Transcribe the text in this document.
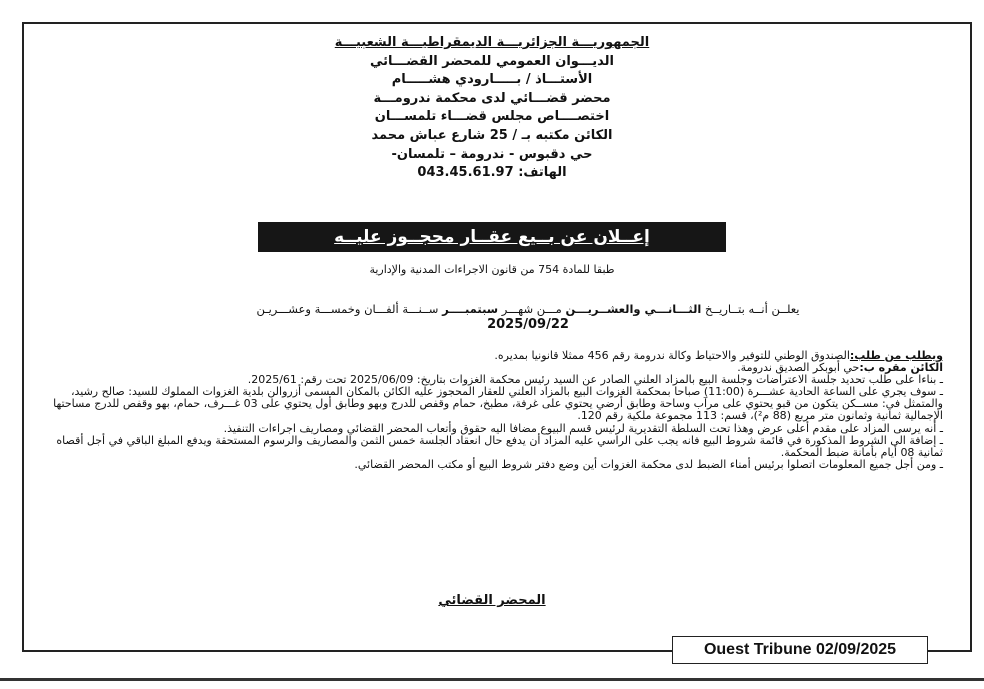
الجمهوريـــة الجزائريـــة الديمقراطيـــة الشعبيـــة
الديـــوان العمومي للمحضر القضـــائي
الأستـــاذ / بـــــارودي هشـــــام
محضر قضـــائي لدى محكمة ندرومـــة
اختصــــاص مجلس قضـــاء تلمســـان
الكائن مكتبه بـ / 25 شارع عباش محمد
حي دقبوس - ندرومة – تلمسان-
الهاتف: 043.45.61.97
إعــلان عن بــيع عقــار محجــوز عليــه
طبقا للمادة 754 من قانون الاجراءات المدنية والإدارية
يعلــن أنــه بتــاريــخ الثـــانـــي والعشــريـــن مـــن شهـــر سبتمبــــر ســنـــة ألفـــان وخمســـة وعشـــريـن
2025/09/22

ويطلب من طلب:الصندوق الوطني للتوفير والاحتياط وكالة ندرومة رقم 456 ممثلا قانونيا بمديره.

الكائن مقره ب:حي أبوبكر الصديق ندرومة.

ـ بناءا على طلب تحديد جلسة الاعتراضات وجلسة البيع بالمزاد العلني الصادر عن السيد رئيس محكمة الغزوات بتاريخ: 2025/06/09 تحت رقم: 2025/61.

ـ سوف يجري على الساعة الحادية عشـــرة (11:00) صباحا بمحكمة الغزوات البيع بالمزاد العلني للعقار المحجوز عليه الكائن بالمكان المسمى أزروالن بلدية الغزوات المملوك للسيد: صالح رشيد، والمتمثل في: مســكن يتكون من قبو يحتوي على مرآب وساحة وطابق أرضي يحتوي على غرفة، مطبخ، حمام وقفص للدرج وبهو وطابق أول يحتوي على 03 غـــرف، حمام، بهو وقفص للدرج مساحتها الإجمالية ثمانية وثمانون متر مربع (88 م²)، قسم: 113 مجموعة ملكية رقم 120.

ـ أنه يرسى المزاد على مقدم أعلى عرض وهذا تحت السلطة التقديرية لرئيس قسم البيوع مضافا اليه حقوق وأتعاب المحضر القضائي ومصاريف اجراءات التنفيذ.

ـ إضافة الى الشروط المذكورة في قائمة شروط البيع فانه يجب على الراسي عليه المزاد أن يدفع حال انعقاد الجلسة خمس الثمن والمصاريف والرسوم المستحقة ويدفع المبلغ الباقي في أجل أقصاه ثمانية 08 أيام بأمانة ضبط المحكمة.

ـ ومن أجل جميع المعلومات اتصلوا برئيس أمناء الضبط لدى محكمة الغزوات أين وضع دفتر شروط البيع أو مكتب المحضر القضائي.

المحضر القضائي
Ouest Tribune 02/09/2025
